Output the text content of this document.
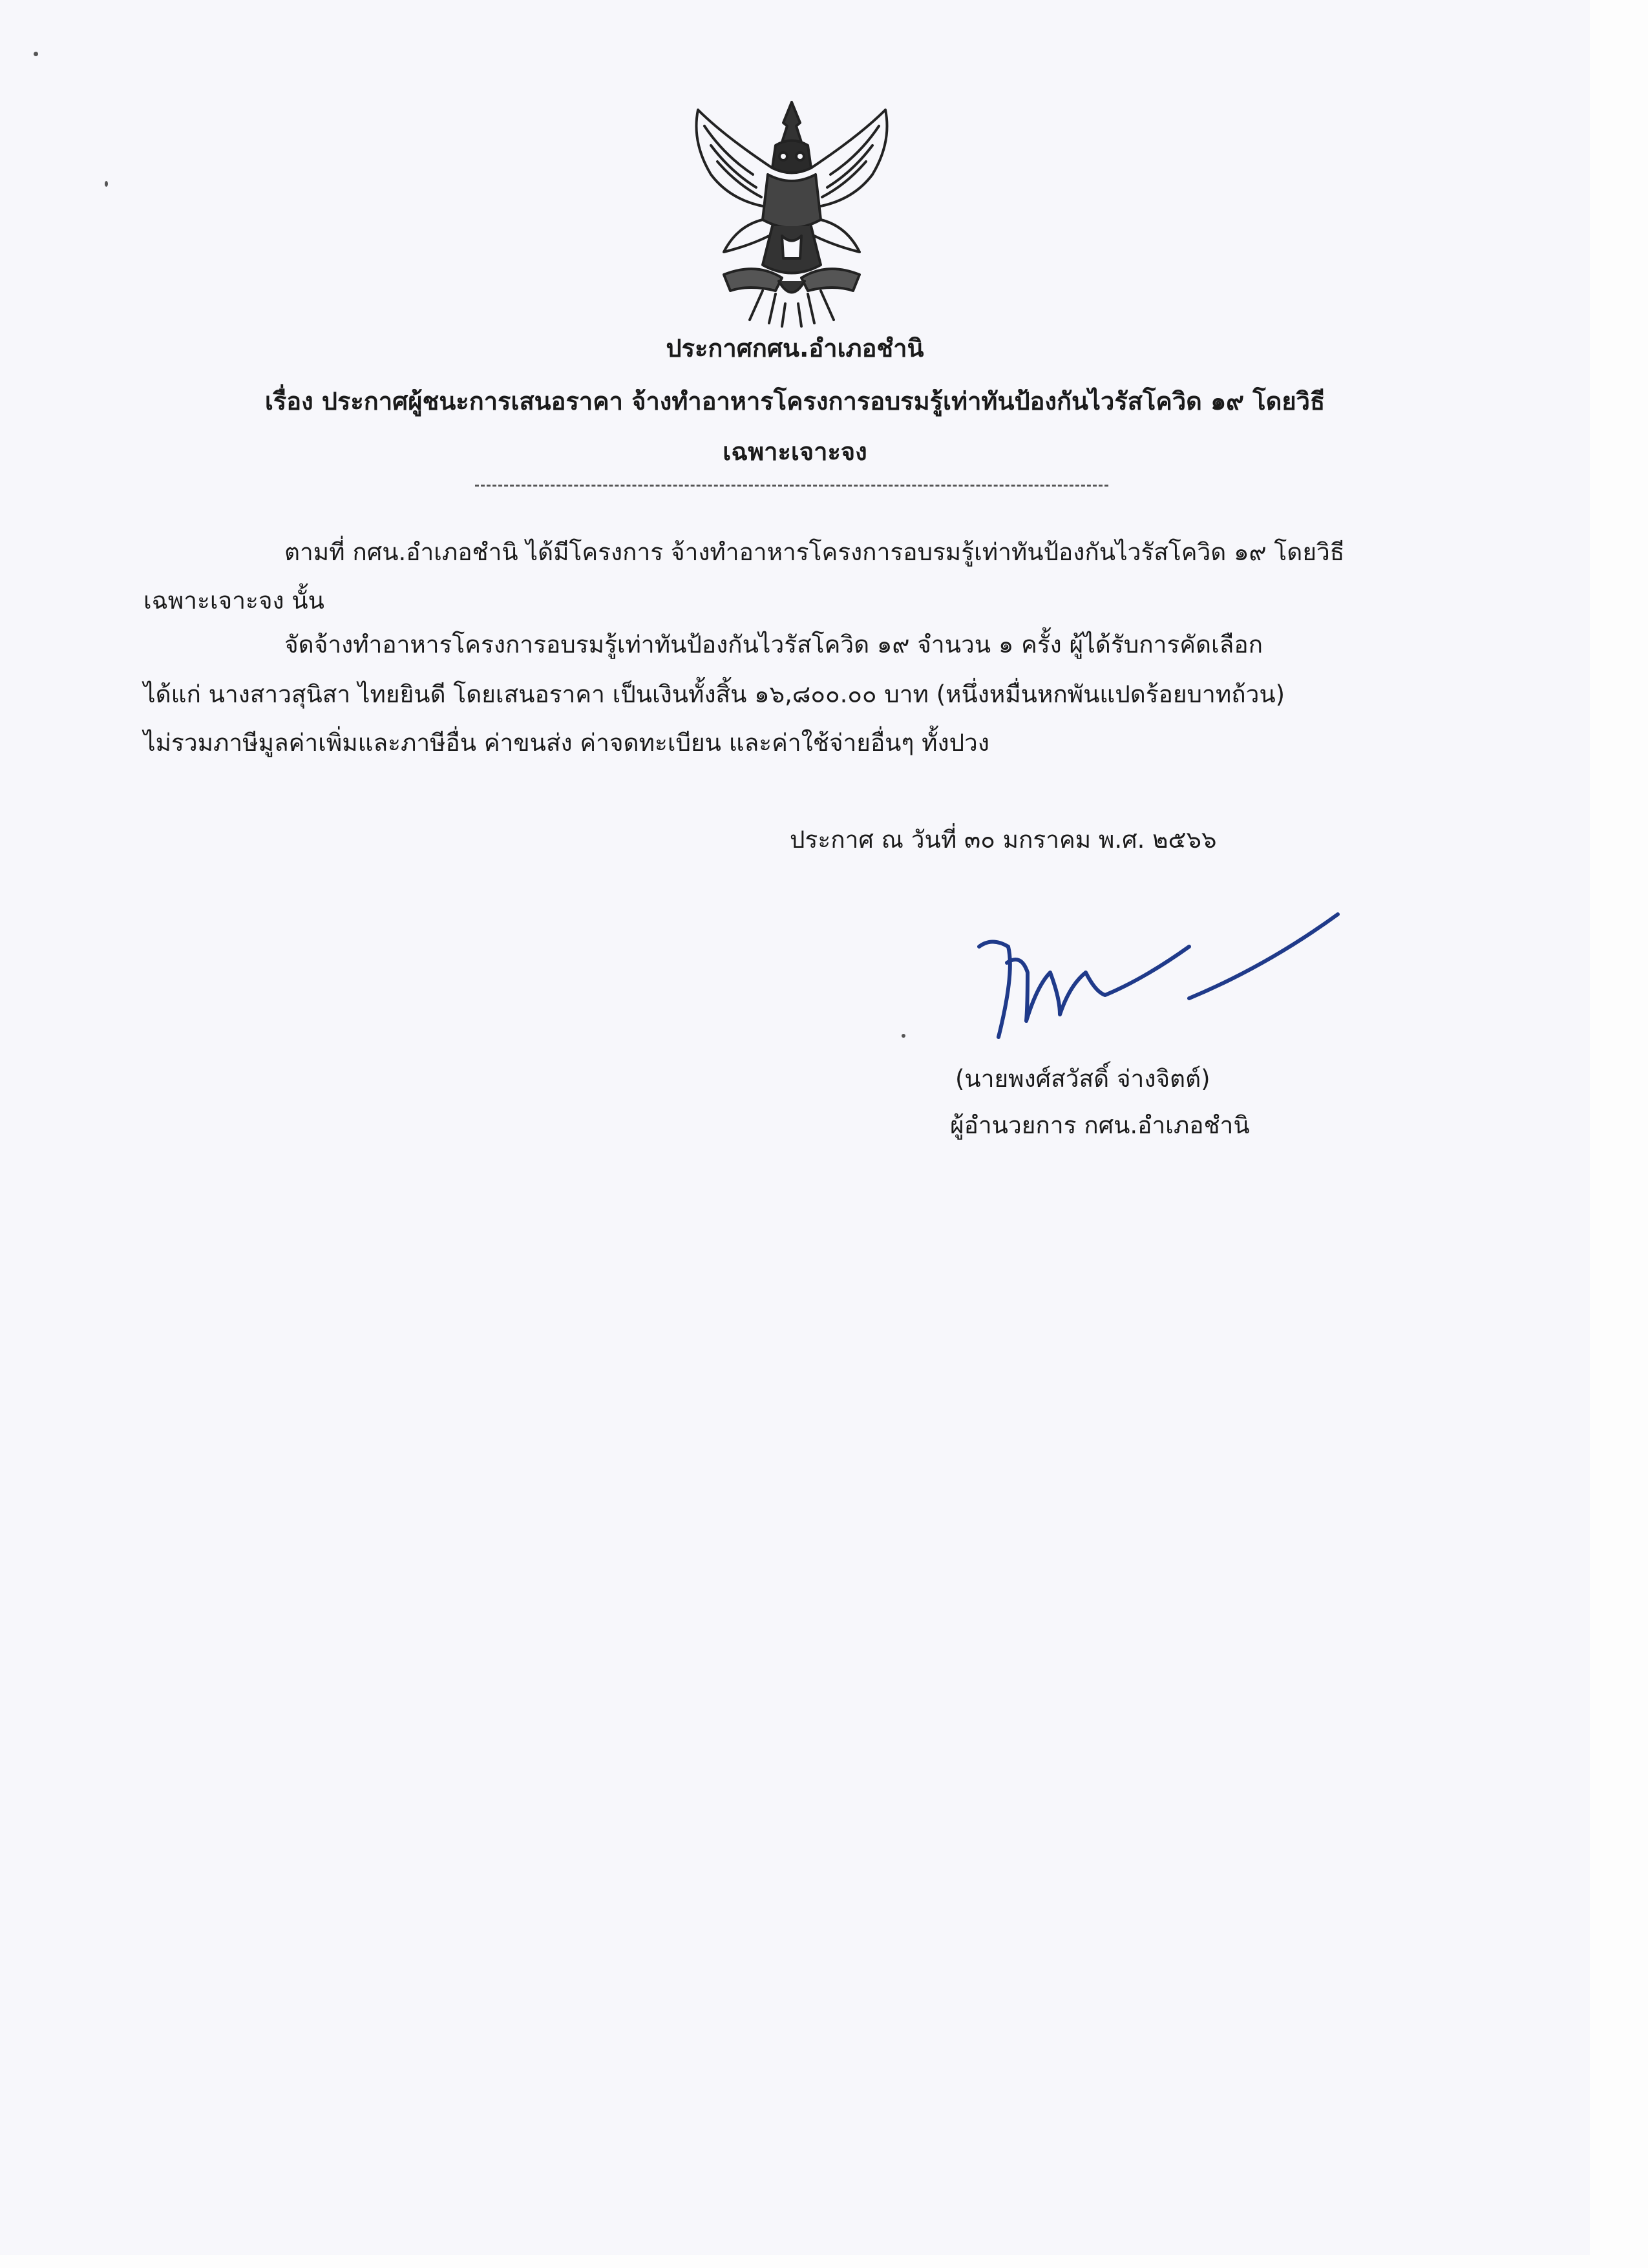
ประกาศกศน.อำเภอชำนิ
เรื่อง ประกาศผู้ชนะการเสนอราคา จ้างทำอาหารโครงการอบรมรู้เท่าทันป้องกันไวรัสโควิด ๑๙ โดยวิธี
เฉพาะเจาะจง
ตามที่ กศน.อำเภอชำนิ ได้มีโครงการ จ้างทำอาหารโครงการอบรมรู้เท่าทันป้องกันไวรัสโควิด ๑๙ โดยวิธี
เฉพาะเจาะจง นั้น
จัดจ้างทำอาหารโครงการอบรมรู้เท่าทันป้องกันไวรัสโควิด ๑๙ จำนวน ๑ ครั้ง ผู้ได้รับการคัดเลือก
ได้แก่ นางสาวสุนิสา ไทยยินดี โดยเสนอราคา เป็นเงินทั้งสิ้น ๑๖,๘๐๐.๐๐ บาท (หนึ่งหมื่นหกพันแปดร้อยบาทถ้วน)
ไม่รวมภาษีมูลค่าเพิ่มและภาษีอื่น ค่าขนส่ง ค่าจดทะเบียน และค่าใช้จ่ายอื่นๆ ทั้งปวง
ประกาศ ณ วันที่ ๓๐ มกราคม พ.ศ. ๒๕๖๖
(นายพงศ์สวัสดิ์ จ่างจิตต์)
ผู้อำนวยการ กศน.อำเภอชำนิ
